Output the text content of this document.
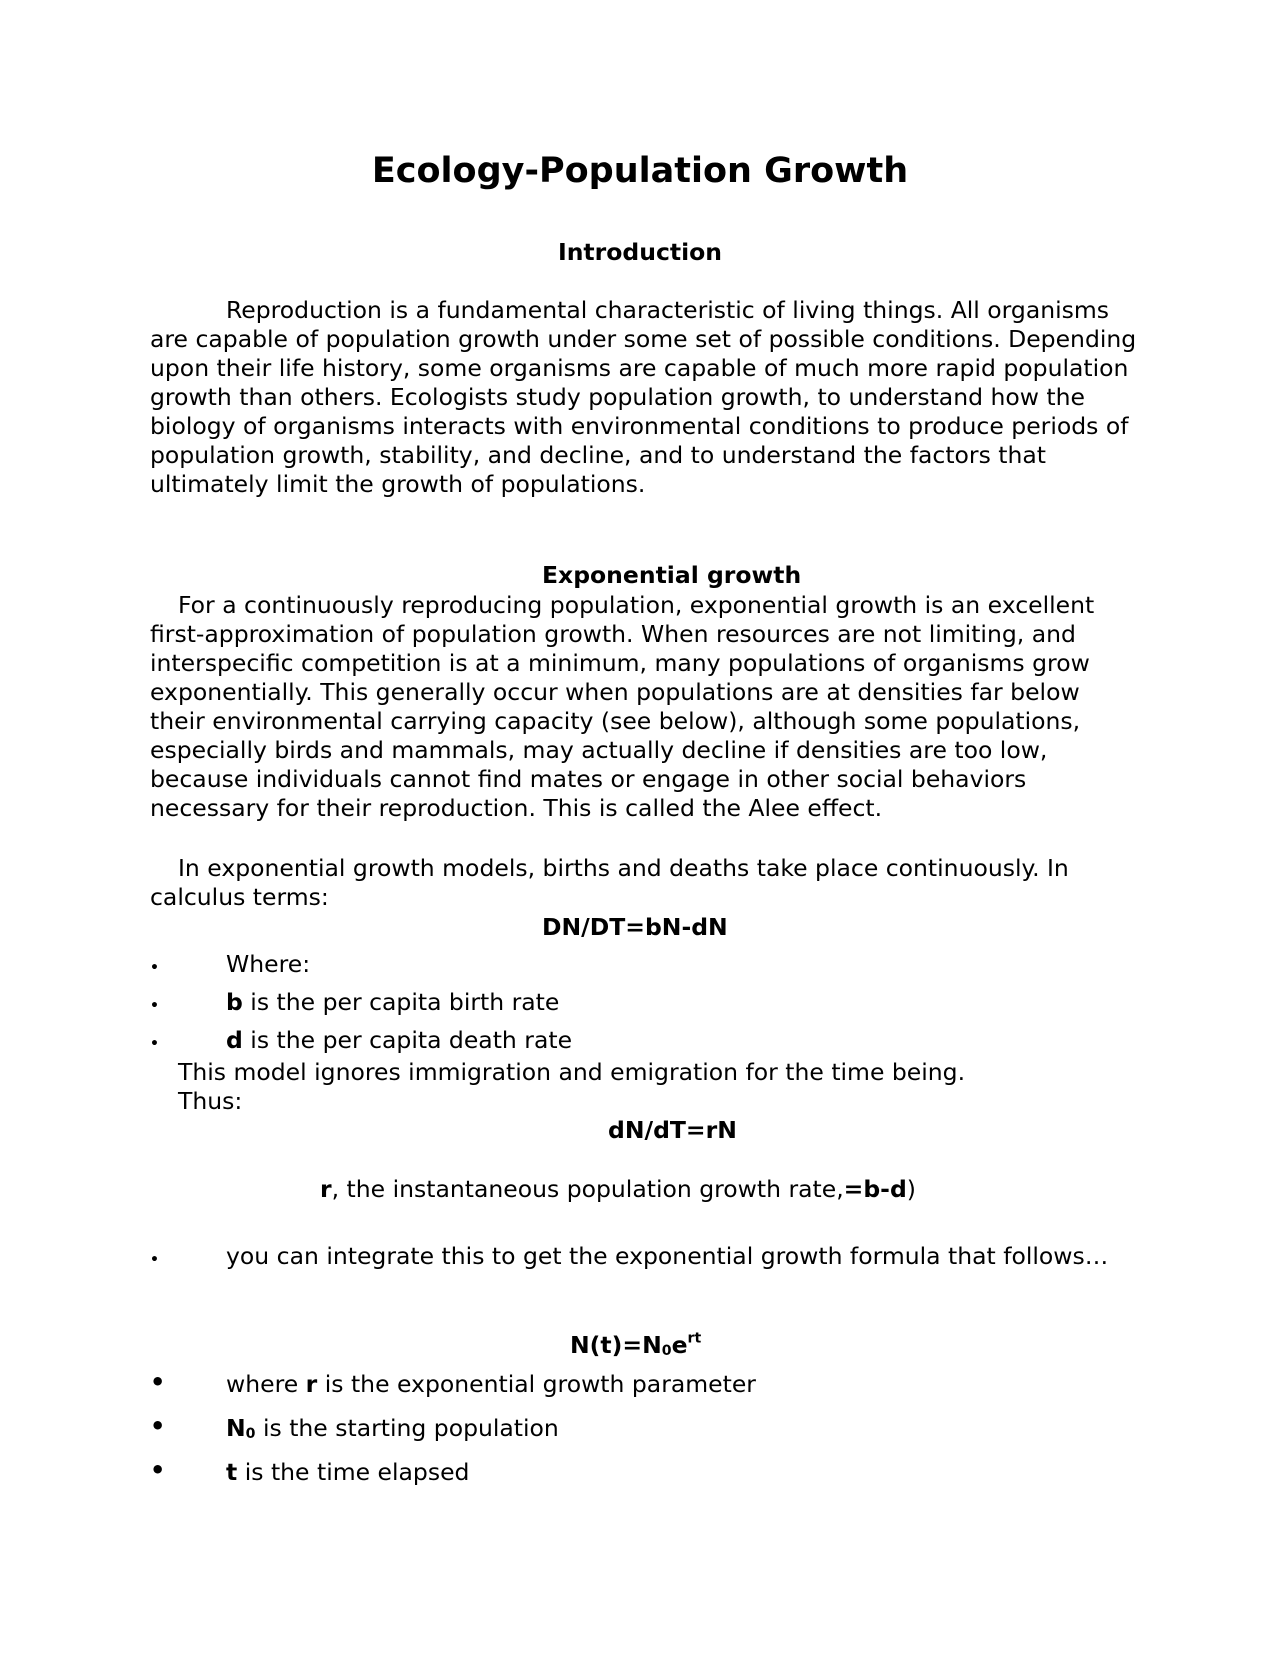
Ecology-Population Growth
Introduction

Reproduction is a fundamental characteristic of living things. All organisms are capable of population growth under some set of possible conditions. Depending upon their life history, some organisms are capable of much more rapid population growth than others. Ecologists study population growth, to understand how the biology of organisms interacts with environmental conditions to produce periods of population growth, stability, and decline, and to understand the factors that ultimately limit the growth of populations.

Exponential growth

For a continuously reproducing population, exponential growth is an excellent first-approximation of population growth. When resources are not limiting, and interspecific competition is at a minimum, many populations of organisms grow exponentially. This generally occur when populations are at densities far below their environmental carrying capacity (see below), although some populations, especially birds and mammals, may actually decline if densities are too low, because individuals cannot find mates or engage in other social behaviors necessary for their reproduction. This is called the Alee effect.

In exponential growth models, births and deaths take place continuously. In calculus terms:

DN/DT=bN-dN
•	Where:
•	b is the per capita birth rate
•	d is the per capita death rate
This model ignores immigration and emigration for the time being.
Thus:
dN/dT=rN
r, the instantaneous population growth rate,=b-d)
•	you can integrate this to get the exponential growth formula that follows…

$N(t)=N_0e^{rt}$
•	where r is the exponential growth parameter
•	$N_0$ is the starting population
•	t is the time elapsed
